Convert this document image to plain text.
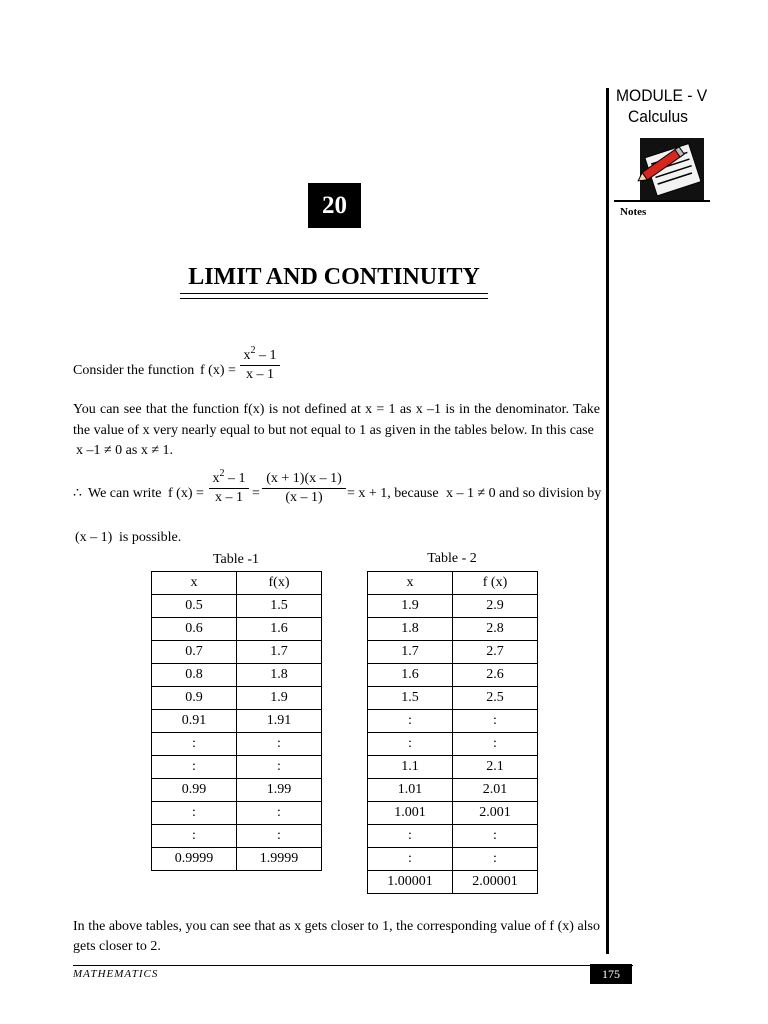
MODULE - V
Calculus
Notes
20
LIMIT AND CONTINUITY
Consider the function f (x) =
$x^2 - 1$
x – 1
You can see that the function f(x) is not defined at x = 1 as x –1 is in the denominator. Take the value of x very nearly equal to but not equal to 1 as given in the tables below. In this case
x –1 ≠ 0 as x ≠ 1.
∴ We can write f (x) =
$x^2 - 1$
x – 1 =
(x + 1)(x – 1)
(x – 1)	= x + 1, because x – 1 ≠ 0 and so division by
(x – 1) is possible.
Table -1	Table - 2
x	f(x)
0.5	1.5
0.6	1.6
0.7	1.7
0.8	1.8
0.9	1.9
0.91	1.91
:	:
:	:
0.99	1.99
:	:
:	:
0.9999	1.9999
x	f (x)
1.9	2.9
1.8	2.8
1.7	2.7
1.6	2.6
1.5	2.5
:	:
:	:
1.1	2.1
1.01	2.01
1.001	2.001
:	:
:	:
1.00001	2.00001
In the above tables, you can see that as x gets closer to 1, the corresponding value of f (x) also gets closer to 2.
MATHEMATICS	175
